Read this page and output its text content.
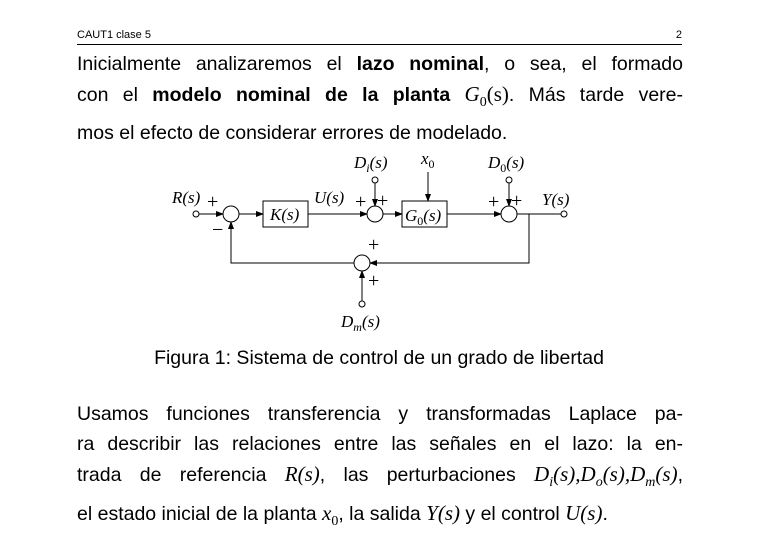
CAUT1 clase 5	2
Inicialmente analizaremos el lazo nominal, o sea, el formado
con el modelo nominal de la planta $G_0(s)$. Más tarde vere-
mos el efecto de considerar errores de modelado.
R(s)	U(s)	Y(s)
K(s)	$G_0(s)$
$D_i(s)$ $x_0$	$D_0(s)$
$D_m(s)$
+
−
+ +	+ +
+
+
Figura 1: Sistema de control de un grado de libertad
Usamos funciones transferencia y transformadas Laplace pa-
ra describir las relaciones entre las señales en el lazo: la en-
trada de referencia R(s), las perturbaciones $D_i(s),D_o(s),D_m(s)$,
el estado inicial de la planta $x_0$, la salida Y(s) y el control U(s).
